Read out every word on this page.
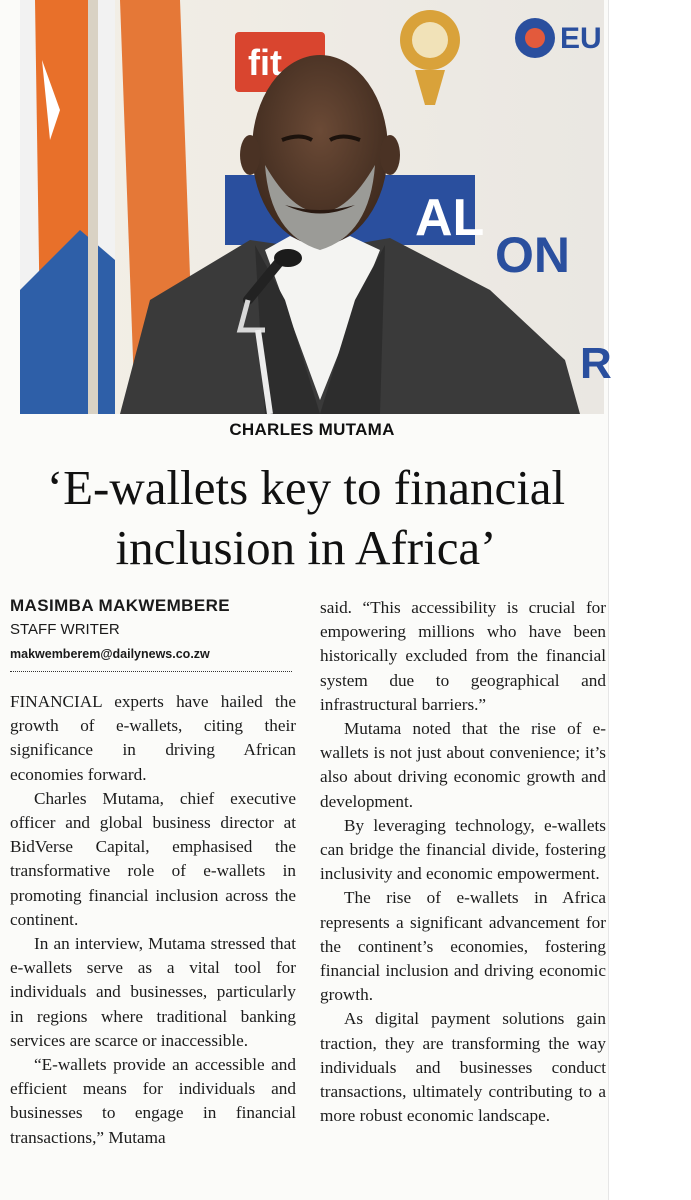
fit
EU
AL
ON
R
CHARLES MUTAMA
‘E-wallets key to financial
inclusion in Africa’
MASIMBA MAKWEMBERE
STAFF WRITER
makwemberem@dailynews.co.zw

FINANCIAL experts have hailed the growth of e-wallets, citing their significance in driving African economies forward.

Charles Mutama, chief executive officer and global business director at BidVerse Capital, emphasised the transformative role of e-wallets in promoting financial inclusion across the continent.

In an interview, Mutama stressed that e-wallets serve as a vital tool for individuals and businesses, particularly in regions where traditional banking services are scarce or inaccessible.

“E-wallets provide an accessible and efficient means for individuals and businesses to engage in financial transactions,” Mutama

said. “This accessibility is crucial for empowering millions who have been historically excluded from the financial system due to geographical and infrastructural barriers.”

Mutama noted that the rise of e-wallets is not just about convenience; it’s also about driving economic growth and development.

By leveraging technology, e-wallets can bridge the financial divide, fostering inclusivity and economic empowerment.

The rise of e-wallets in Africa represents a significant advancement for the continent’s economies, fostering financial inclusion and driving economic growth.

As digital payment solutions gain traction, they are transforming the way individuals and businesses conduct transactions, ultimately contributing to a more robust economic landscape.
